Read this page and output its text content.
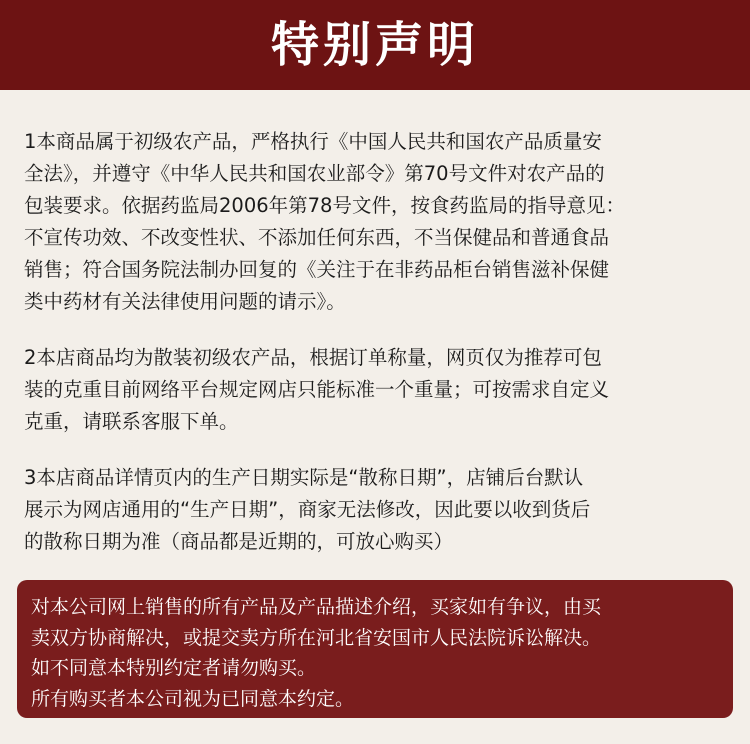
特别声明
1本商品属于初级农产品，严格执行《中国人民共和国农产品质量安
全法》，并遵守《中华人民共和国农业部令》第70号文件对农产品的
包装要求。依据药监局2006年第78号文件，按食药监局的指导意见：
不宣传功效、不改变性状、不添加任何东西，不当保健品和普通食品
销售；符合国务院法制办回复的《关注于在非药品柜台销售滋补保健
类中药材有关法律使用问题的请示》。
2本店商品均为散装初级农产品，根据订单称量，网页仅为推荐可包
装的克重目前网络平台规定网店只能标准一个重量；可按需求自定义
克重，请联系客服下单。
3本店商品详情页内的生产日期实际是“散称日期”，店铺后台默认
展示为网店通用的“生产日期”，商家无法修改，因此要以收到货后
的散称日期为准（商品都是近期的，可放心购买）
对本公司网上销售的所有产品及产品描述介绍，买家如有争议，由买
卖双方协商解决，或提交卖方所在河北省安国市人民法院诉讼解决。
如不同意本特别约定者请勿购买。
所有购买者本公司视为已同意本约定。
